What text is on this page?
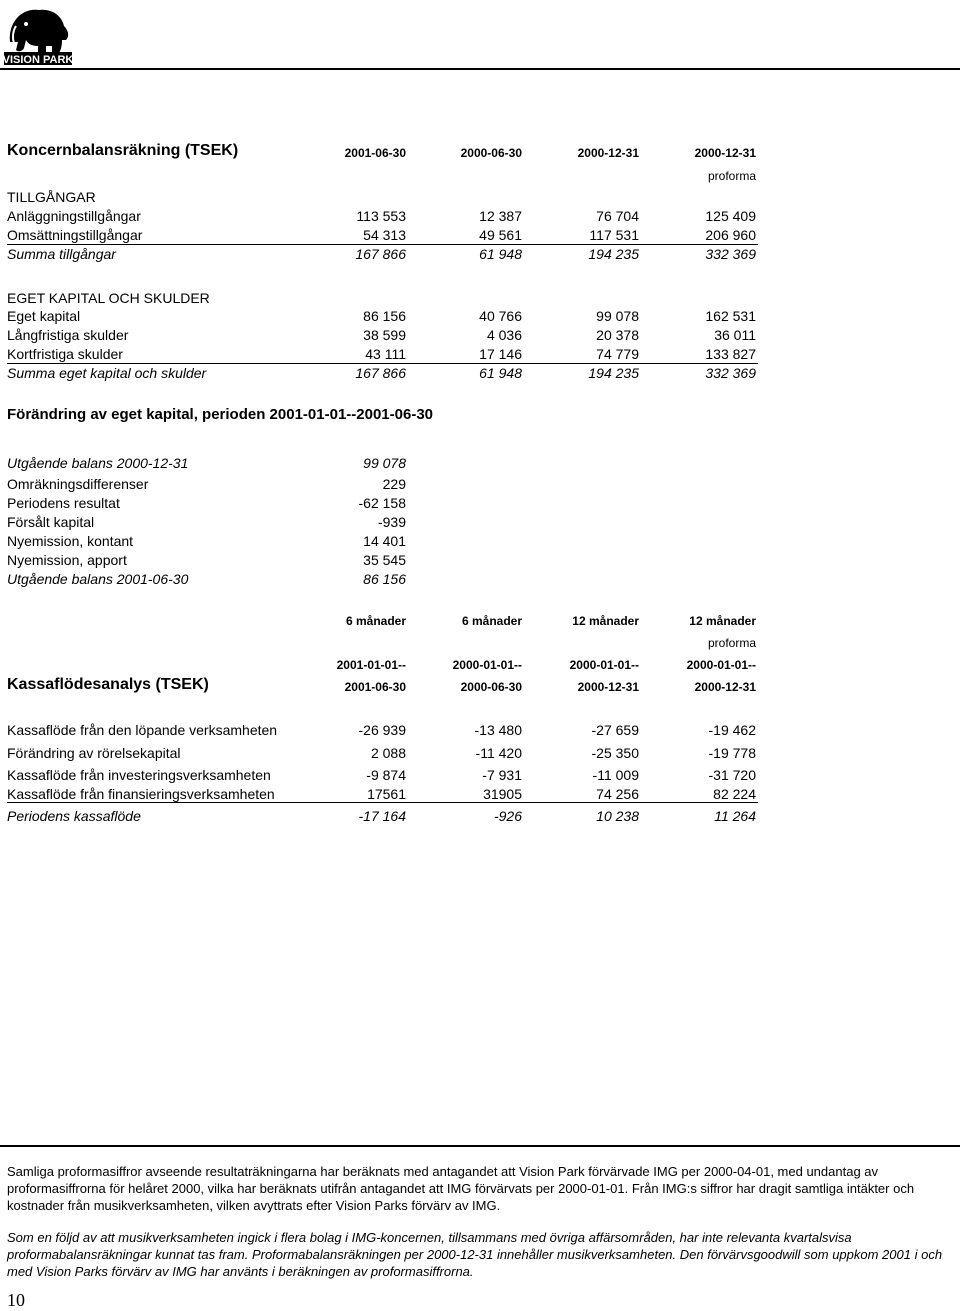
VISION PARK
Koncernbalansräkning (TSEK)	2001-06-30	2000-06-30	2000-12-31	2000-12-31
proforma
TILLGÅNGAR
Anläggningstillgångar	113 553	12 387	76 704	125 409
Omsättningstillgångar	54 313	49 561	117 531	206 960
Summa tillgångar	167 866	61 948	194 235	332 369
EGET KAPITAL OCH SKULDER
Eget kapital	86 156	40 766	99 078	162 531
Långfristiga skulder	38 599	4 036	20 378	36 011
Kortfristiga skulder	43 111	17 146	74 779	133 827
Summa eget kapital och skulder	167 866	61 948	194 235	332 369
Förändring av eget kapital, perioden 2001-01-01--2001-06-30
Utgående balans 2000-12-31	99 078
Omräkningsdifferenser	229
Periodens resultat	-62 158
Försålt kapital	-939
Nyemission, kontant	14 401
Nyemission, apport	35 545
Utgående balans 2001-06-30	86 156
6 månader	6 månader	12 månader	12 månader
proforma
2001-01-01--	2000-01-01--	2000-01-01--	2000-01-01--
Kassaflödesanalys (TSEK)	2001-06-30	2000-06-30	2000-12-31	2000-12-31
Kassaflöde från den löpande verksamheten	-26 939	-13 480	-27 659	-19 462
Förändring av rörelsekapital	2 088	-11 420	-25 350	-19 778
Kassaflöde från investeringsverksamheten	-9 874	-7 931	-11 009	-31 720
Kassaflöde från finansieringsverksamheten	17561	31905	74 256	82 224
Periodens kassaflöde	-17 164	-926	10 238	11 264
Samliga proformasiffror avseende resultaträkningarna har beräknats med antagandet att Vision Park förvärvade IMG per 2000-04-01, med undantag av proformasiffrorna för helåret 2000, vilka har beräknats utifrån antagandet att IMG förvärvats per 2000-01-01. Från IMG:s siffror har dragit samtliga intäkter och kostnader från musikverksamheten, vilken avyttrats efter Vision Parks förvärv av IMG.
Som en följd av att musikverksamheten ingick i flera bolag i IMG-koncernen, tillsammans med övriga affärsområden, har inte relevanta kvartalsvisa proformabalansräkningar kunnat tas fram. Proformabalansräkningen per 2000-12-31 innehåller musikverksamheten. Den förvärvsgoodwill som uppkom 2001 i och med Vision Parks förvärv av IMG har använts i beräkningen av proformasiffrorna.
10
